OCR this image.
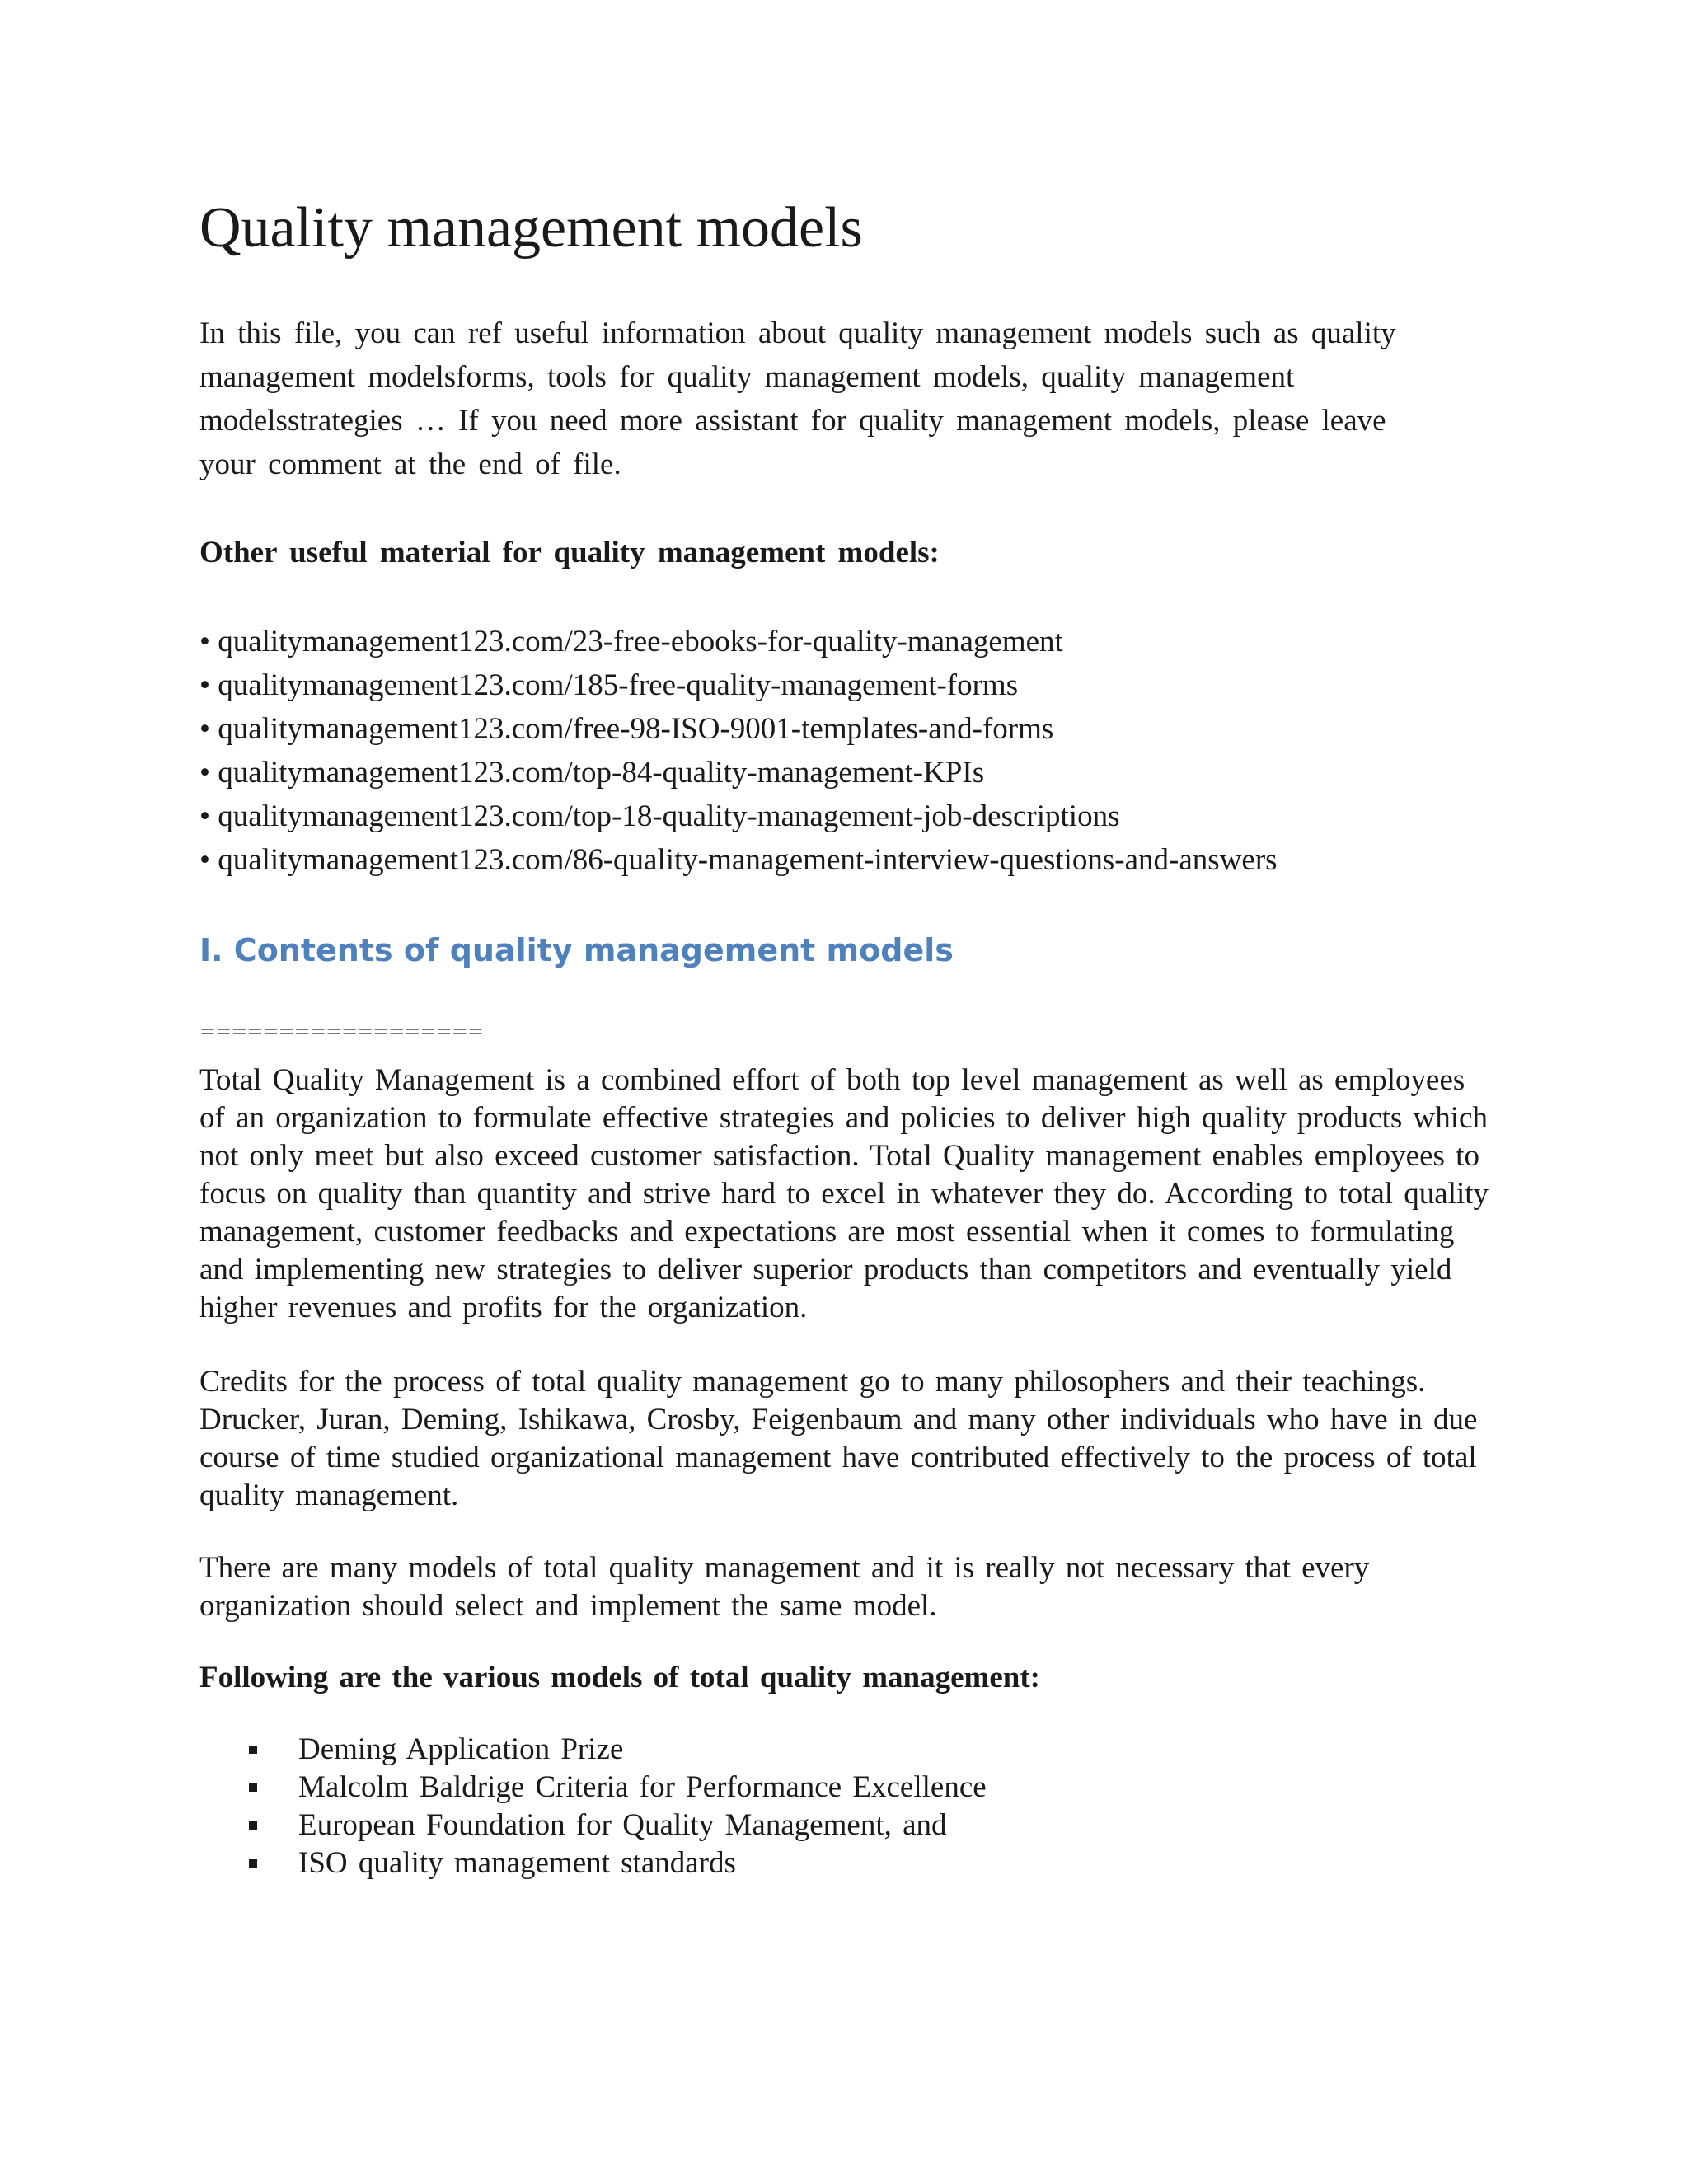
Quality management models

In this file, you can ref useful information about quality management models such as quality management modelsforms, tools for quality management models, quality management modelsstrategies … If you need more assistant for quality management models, please leave your comment at the end of file.

Other useful material for quality management models:

• qualitymanagement123.com/23-free-ebooks-for-quality-management
• qualitymanagement123.com/185-free-quality-management-forms
• qualitymanagement123.com/free-98-ISO-9001-templates-and-forms
• qualitymanagement123.com/top-84-quality-management-KPIs
• qualitymanagement123.com/top-18-quality-management-job-descriptions
• qualitymanagement123.com/86-quality-management-interview-questions-and-answers
I. Contents of quality management models
==================

Total Quality Management is a combined effort of both top level management as well as employees of an organization to formulate effective strategies and policies to deliver high quality products which not only meet but also exceed customer satisfaction. Total Quality management enables employees to focus on quality than quantity and strive hard to excel in whatever they do. According to total quality management, customer feedbacks and expectations are most essential when it comes to formulating and implementing new strategies to deliver superior products than competitors and eventually yield higher revenues and profits for the organization.

Credits for the process of total quality management go to many philosophers and their teachings. Drucker, Juran, Deming, Ishikawa, Crosby, Feigenbaum and many other individuals who have in due course of time studied organizational management have contributed effectively to the process of total quality management.

There are many models of total quality management and it is really not necessary that every organization should select and implement the same model.

Following are the various models of total quality management:

Deming Application Prize
Malcolm Baldrige Criteria for Performance Excellence
European Foundation for Quality Management, and
ISO quality management standards
